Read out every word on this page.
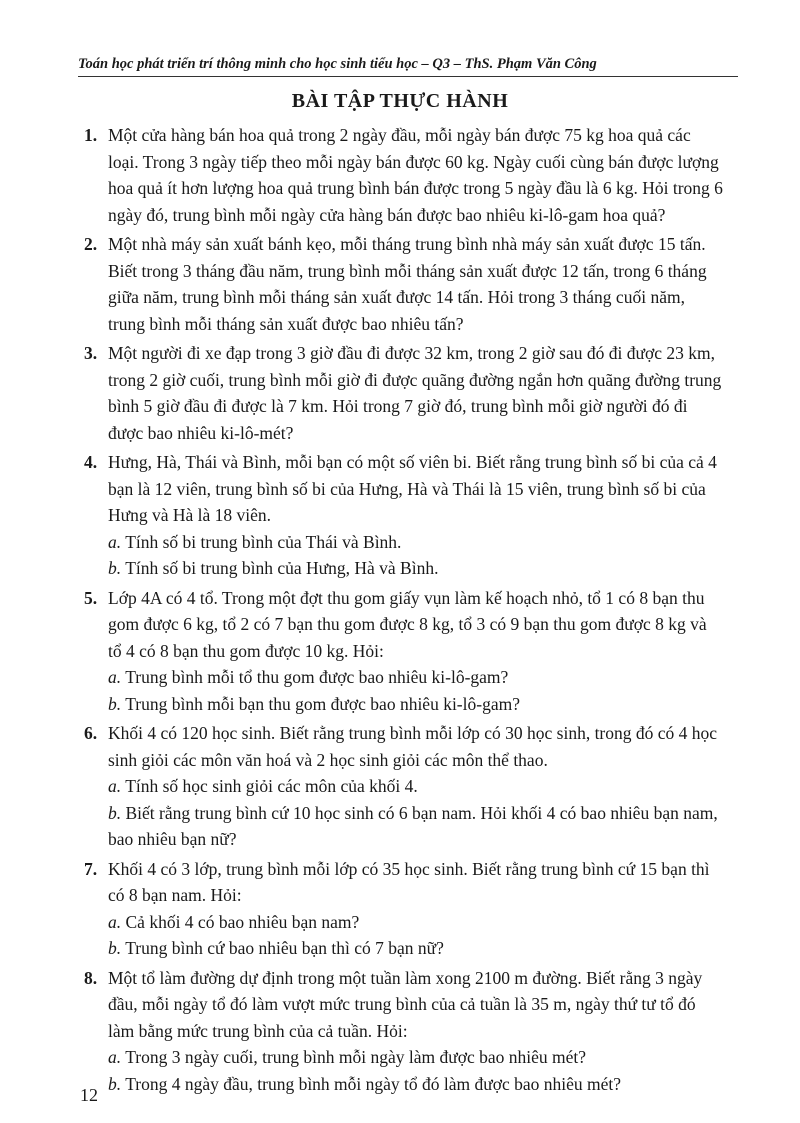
Toán học phát triển trí thông minh cho học sinh tiểu học – Q3 – ThS. Phạm Văn Công
BÀI TẬP THỰC HÀNH
1. Một cửa hàng bán hoa quả trong 2 ngày đầu, mỗi ngày bán được 75 kg hoa quả các loại. Trong 3 ngày tiếp theo mỗi ngày bán được 60 kg. Ngày cuối cùng bán được lượng hoa quả ít hơn lượng hoa quả trung bình bán được trong 5 ngày đầu là 6 kg. Hỏi trong 6 ngày đó, trung bình mỗi ngày cửa hàng bán được bao nhiêu ki-lô-gam hoa quả?
2. Một nhà máy sản xuất bánh kẹo, mỗi tháng trung bình nhà máy sản xuất được 15 tấn. Biết trong 3 tháng đầu năm, trung bình mỗi tháng sản xuất được 12 tấn, trong 6 tháng giữa năm, trung bình mỗi tháng sản xuất được 14 tấn. Hỏi trong 3 tháng cuối năm, trung bình mỗi tháng sản xuất được bao nhiêu tấn?
3. Một người đi xe đạp trong 3 giờ đầu đi được 32 km, trong 2 giờ sau đó đi được 23 km, trong 2 giờ cuối, trung bình mỗi giờ đi được quãng đường ngắn hơn quãng đường trung bình 5 giờ đầu đi được là 7 km. Hỏi trong 7 giờ đó, trung bình mỗi giờ người đó đi được bao nhiêu ki-lô-mét?
4. Hưng, Hà, Thái và Bình, mỗi bạn có một số viên bi. Biết rằng trung bình số bi của cả 4 bạn là 12 viên, trung bình số bi của Hưng, Hà và Thái là 15 viên, trung bình số bi của Hưng và Hà là 18 viên.
a. Tính số bi trung bình của Thái và Bình.
b. Tính số bi trung bình của Hưng, Hà và Bình.
5. Lớp 4A có 4 tổ. Trong một đợt thu gom giấy vụn làm kế hoạch nhỏ, tổ 1 có 8 bạn thu gom được 6 kg, tổ 2 có 7 bạn thu gom được 8 kg, tổ 3 có 9 bạn thu gom được 8 kg và tổ 4 có 8 bạn thu gom được 10 kg. Hỏi:
a. Trung bình mỗi tổ thu gom được bao nhiêu ki-lô-gam?
b. Trung bình mỗi bạn thu gom được bao nhiêu ki-lô-gam?
6. Khối 4 có 120 học sinh. Biết rằng trung bình mỗi lớp có 30 học sinh, trong đó có 4 học sinh giỏi các môn văn hoá và 2 học sinh giỏi các môn thể thao.
a. Tính số học sinh giỏi các môn của khối 4.
b. Biết rằng trung bình cứ 10 học sinh có 6 bạn nam. Hỏi khối 4 có bao nhiêu bạn nam, bao nhiêu bạn nữ?
7. Khối 4 có 3 lớp, trung bình mỗi lớp có 35 học sinh. Biết rằng trung bình cứ 15 bạn thì có 8 bạn nam. Hỏi:
a. Cả khối 4 có bao nhiêu bạn nam?
b. Trung bình cứ bao nhiêu bạn thì có 7 bạn nữ?
8. Một tổ làm đường dự định trong một tuần làm xong 2100 m đường. Biết rằng 3 ngày đầu, mỗi ngày tổ đó làm vượt mức trung bình của cả tuần là 35 m, ngày thứ tư tổ đó làm bằng mức trung bình của cả tuần. Hỏi:
a. Trong 3 ngày cuối, trung bình mỗi ngày làm được bao nhiêu mét?
b. Trong 4 ngày đầu, trung bình mỗi ngày tổ đó làm được bao nhiêu mét?
12
